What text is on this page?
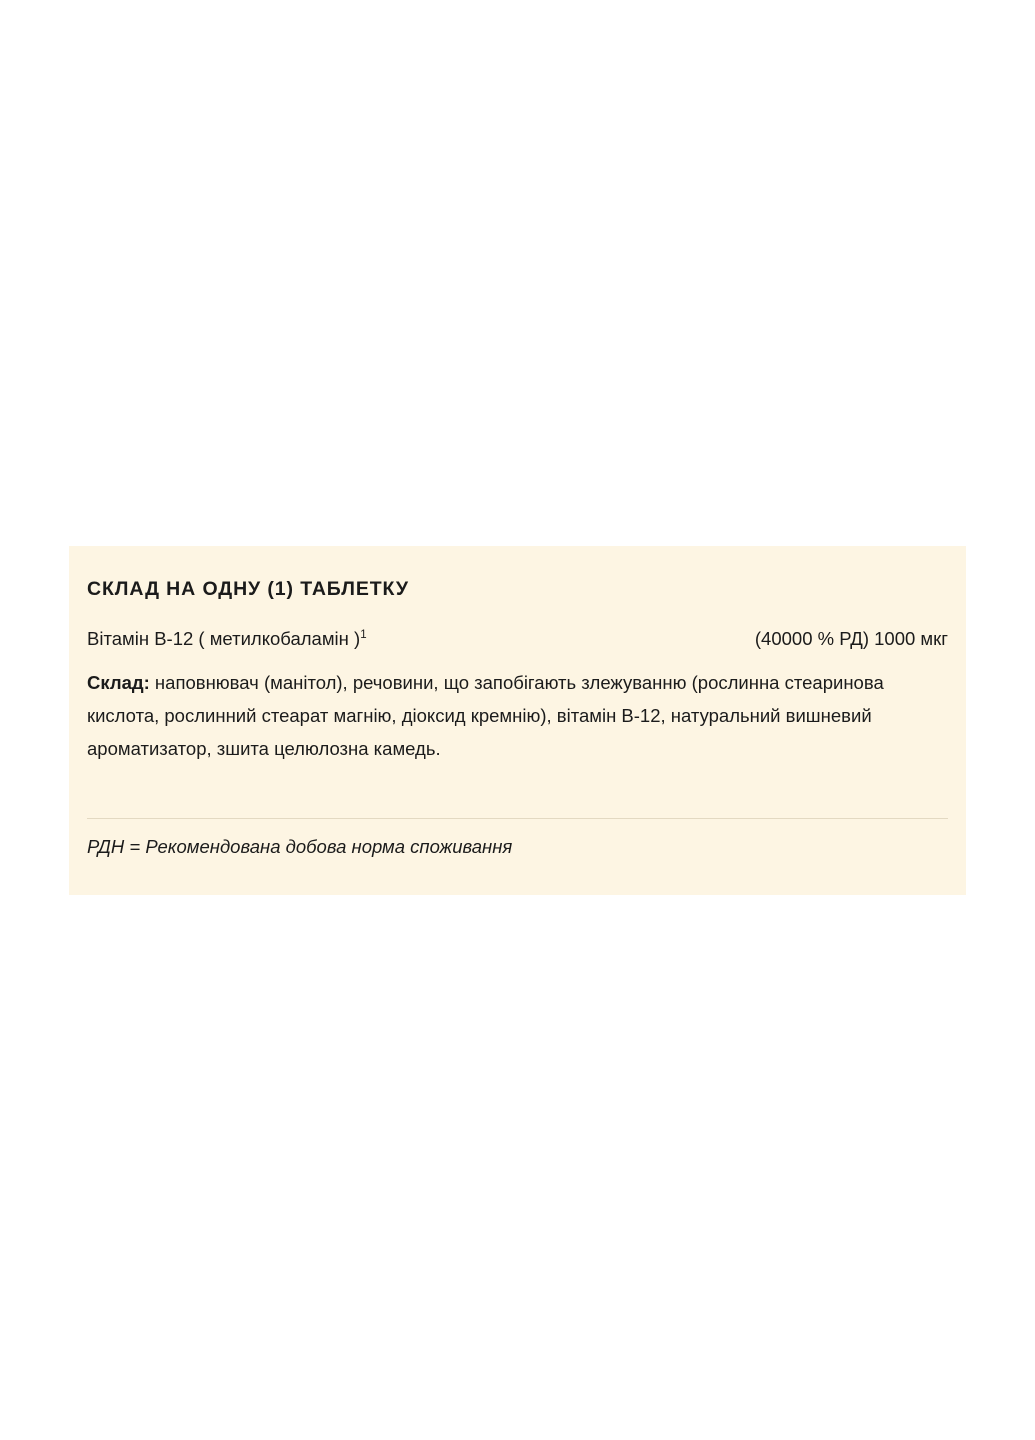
СКЛАД НА ОДНУ (1) ТАБЛЕТКУ
Вітамін B-12 ( метилкобаламін )$^1$	(40000 % РД) 1000 мкг
Склад: наповнювач (манітол), речовини, що запобігають злежуванню (рослинна стеаринова кислота, рослинний стеарат магнію, діоксид кремнію), вітамін B-12, натуральний вишневий ароматизатор, зшита целюлозна камедь.
РДН = Рекомендована добова норма споживання
